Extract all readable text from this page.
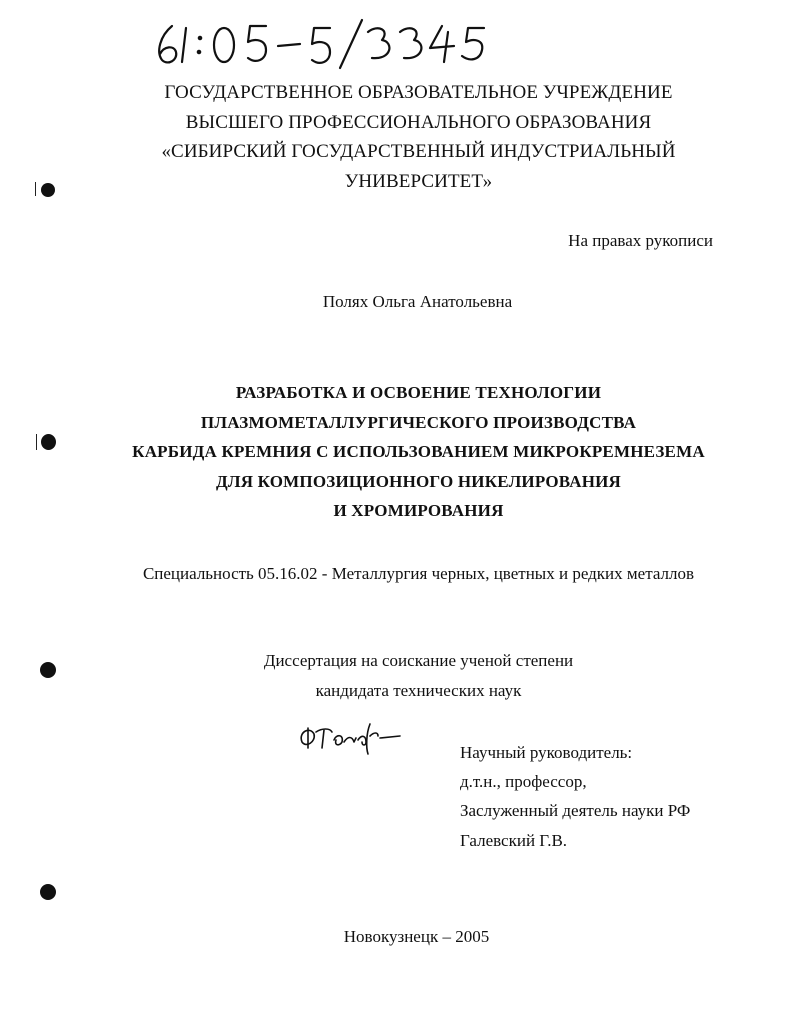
ГОСУДАРСТВЕННОЕ ОБРАЗОВАТЕЛЬНОЕ УЧРЕЖДЕНИЕ
ВЫСШЕГО ПРОФЕССИОНАЛЬНОГО ОБРАЗОВАНИЯ
«СИБИРСКИЙ ГОСУДАРСТВЕННЫЙ ИНДУСТРИАЛЬНЫЙ
УНИВЕРСИТЕТ»
На правах рукописи
Полях Ольга Анатольевна
РАЗРАБОТКА И ОСВОЕНИЕ ТЕХНОЛОГИИ
ПЛАЗМОМЕТАЛЛУРГИЧЕСКОГО ПРОИЗВОДСТВА
КАРБИДА КРЕМНИЯ С ИСПОЛЬЗОВАНИЕМ МИКРОКРЕМНЕЗЕМА
ДЛЯ КОМПОЗИЦИОННОГО НИКЕЛИРОВАНИЯ
И ХРОМИРОВАНИЯ
Специальность 05.16.02 - Металлургия черных, цветных и редких металлов
Диссертация на соискание ученой степени
кандидата технических наук
Научный руководитель:
д.т.н., профессор,
Заслуженный деятель науки РФ
Галевский Г.В.
Новокузнецк – 2005
